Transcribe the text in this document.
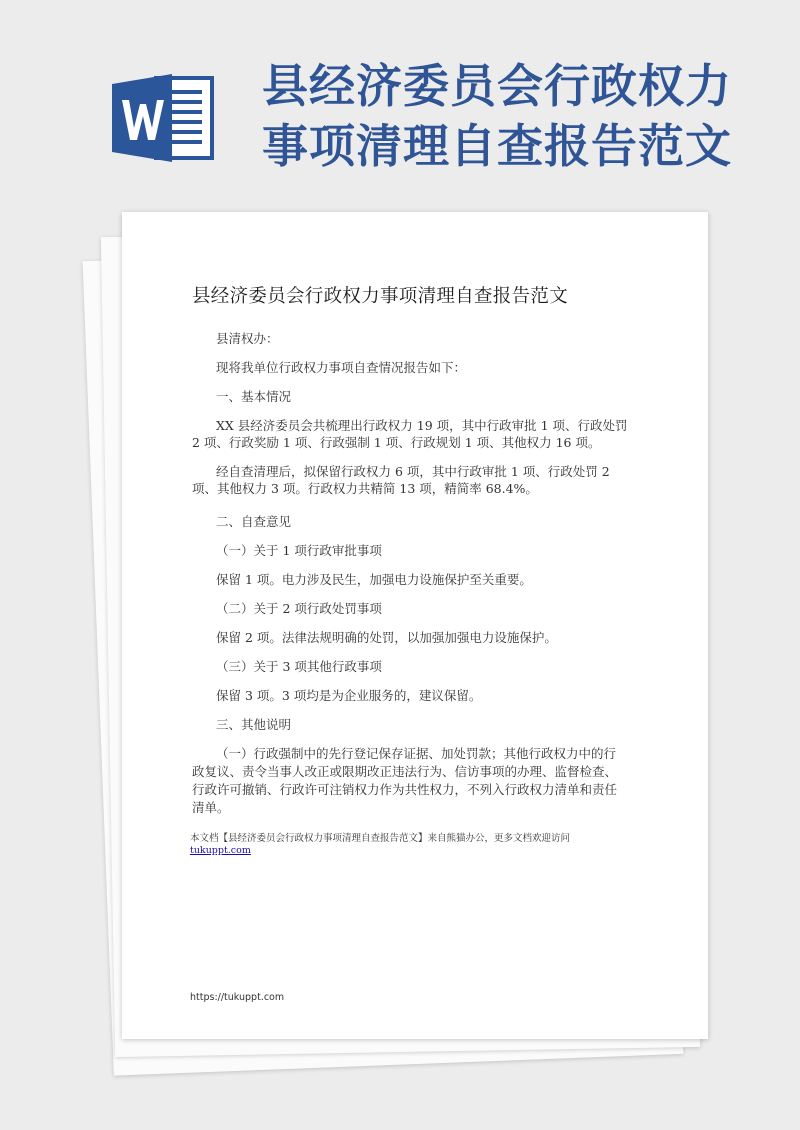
县经济委员会行政权力
事项清理自查报告范文
县经济委员会行政权力事项清理自查报告范文
县清权办：
现将我单位行政权力事项自查情况报告如下：
一、基本情况
XX 县经济委员会共梳理出行政权力 19 项，其中行政审批 1 项、行政处罚
2 项、行政奖励 1 项、行政强制 1 项、行政规划 1 项、其他权力 16 项。
经自查清理后，拟保留行政权力 6 项，其中行政审批 1 项、行政处罚 2
项、其他权力 3 项。行政权力共精简 13 项，精简率 68.4%。
二、自查意见
（一）关于 1 项行政审批事项
保留 1 项。电力涉及民生，加强电力设施保护至关重要。
（二）关于 2 项行政处罚事项
保留 2 项。法律法规明确的处罚，以加强加强电力设施保护。
（三）关于 3 项其他行政事项
保留 3 项。3 项均是为企业服务的，建议保留。
三、其他说明
（一）行政强制中的先行登记保存证据、加处罚款；其他行政权力中的行
政复议、责令当事人改正或限期改正违法行为、信访事项的办理、监督检查、
行政许可撤销、行政许可注销权力作为共性权力，不列入行政权力清单和责任
清单。
本文档【县经济委员会行政权力事项清理自查报告范文】来自熊猫办公，更多文档欢迎访问
tukuppt.com
https://tukuppt.com
